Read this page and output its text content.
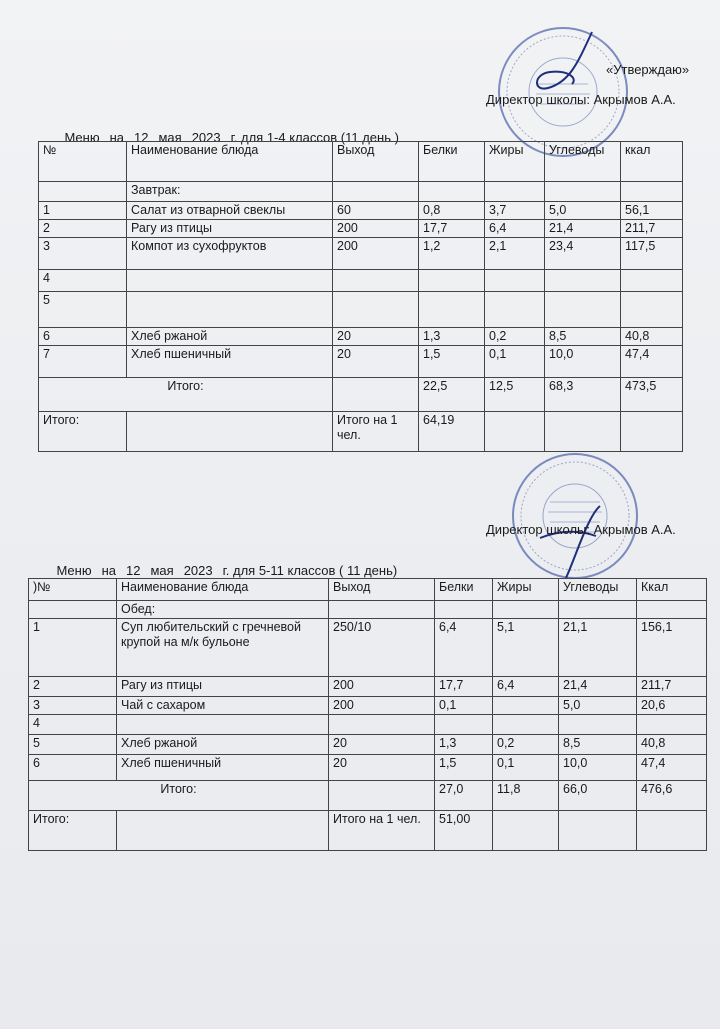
«Утверждаю»
Директор школы: Акрымов А.А.

Меню на 12 мая 2023 г. для 1-4 классов (11 день )

№	Наименование блюда	Выход	Белки	Жиры	Углеводы	ккал
	Завтрак:					
1	Салат из отварной свеклы	60	0,8	3,7	5,0	56,1
2	Рагу из птицы	200	17,7	6,4	21,4	211,7
3	Компот из сухофруктов	200	1,2	2,1	23,4	117,5
4						
5						
6	Хлеб ржаной	20	1,3	0,2	8,5	40,8
7	Хлеб пшеничный	20	1,5	0,1	10,0	47,4
Итого:			22,5	12,5	68,3	473,5
Итого:		Итого на 1 чел.	64,19			
Директор школы: Акрымов А.А.

Меню на 12 мая 2023 г. для 5-11 классов ( 11 день)

)№	Наименование блюда	Выход	Белки	Жиры	Углеводы	Ккал
	Обед:					
1	Суп любительский с гречневой крупой на м/к бульоне	250/10	6,4	5,1	21,1	156,1
2	Рагу из птицы	200	17,7	6,4	21,4	211,7
3	Чай с сахаром	200	0,1		5,0	20,6
4						
5	Хлеб ржаной	20	1,3	0,2	8,5	40,8
6	Хлеб пшеничный	20	1,5	0,1	10,0	47,4
Итого:			27,0	11,8	66,0	476,6
Итого:		Итого на 1 чел.	51,00			
